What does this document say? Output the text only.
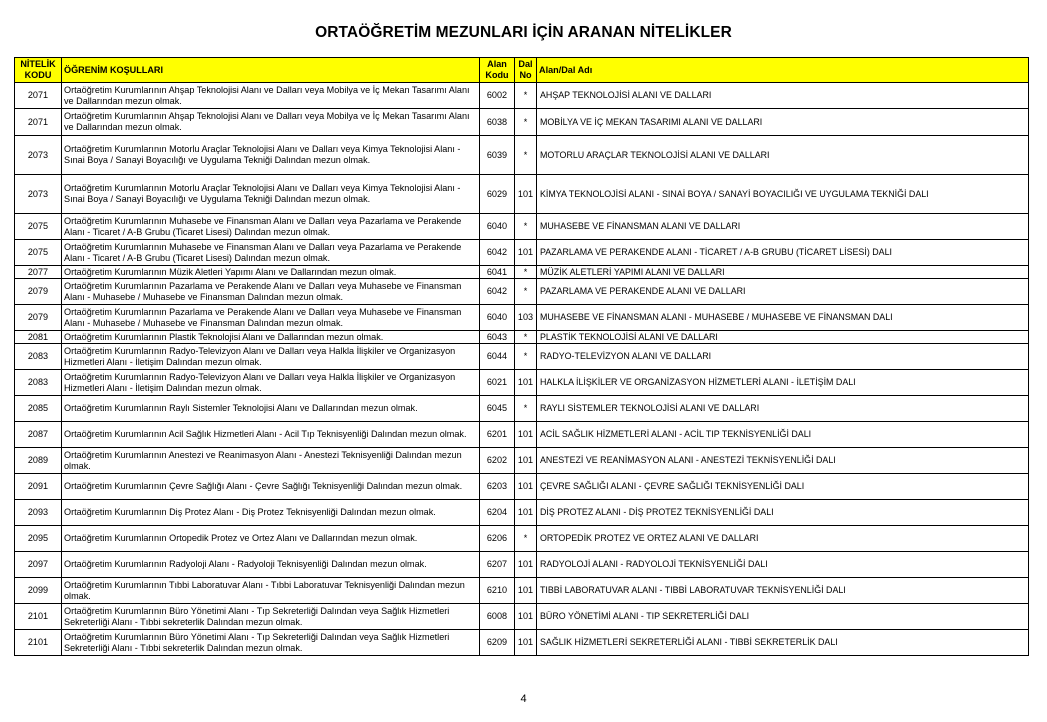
ORTAÖĞRETİM MEZUNLARI İÇİN ARANAN NİTELİKLER
NİTELİK KODU	ÖĞRENİM KOŞULLARI	Alan Kodu	Dal No	Alan/Dal Adı
2071	Ortaöğretim Kurumlarının Ahşap Teknolojisi Alanı ve Dalları veya Mobilya ve İç Mekan Tasarımı Alanı ve Dallarından mezun olmak.	6002	*	AHŞAP TEKNOLOJİSİ ALANI VE DALLARI
2071	Ortaöğretim Kurumlarının Ahşap Teknolojisi Alanı ve Dalları veya Mobilya ve İç Mekan Tasarımı Alanı ve Dallarından mezun olmak.	6038	*	MOBİLYA VE İÇ MEKAN TASARIMI ALANI VE DALLARI
2073	Ortaöğretim Kurumlarının Motorlu Araçlar Teknolojisi Alanı ve Dalları veya Kimya Teknolojisi Alanı - Sınai Boya / Sanayi Boyacılığı ve Uygulama Tekniği Dalından mezun olmak.	6039	*	MOTORLU ARAÇLAR TEKNOLOJİSİ ALANI VE DALLARI
2073	Ortaöğretim Kurumlarının Motorlu Araçlar Teknolojisi Alanı ve Dalları veya Kimya Teknolojisi Alanı - Sınai Boya / Sanayi Boyacılığı ve Uygulama Tekniği Dalından mezun olmak.	6029	101	KİMYA TEKNOLOJİSİ ALANI - SINAİ BOYA / SANAYİ BOYACILIĞI VE UYGULAMA TEKNİĞİ DALI
2075	Ortaöğretim Kurumlarının Muhasebe ve Finansman Alanı ve Dalları veya Pazarlama ve Perakende Alanı - Ticaret / A-B Grubu (Ticaret Lisesi) Dalından mezun olmak.	6040	*	MUHASEBE VE FİNANSMAN ALANI VE DALLARI
2075	Ortaöğretim Kurumlarının Muhasebe ve Finansman Alanı ve Dalları veya Pazarlama ve Perakende Alanı - Ticaret / A-B Grubu (Ticaret Lisesi) Dalından mezun olmak.	6042	101	PAZARLAMA VE PERAKENDE ALANI - TİCARET / A-B GRUBU (TİCARET LİSESİ) DALI
2077	Ortaöğretim Kurumlarının Müzik Aletleri Yapımı Alanı ve Dallarından mezun olmak.	6041	*	MÜZİK ALETLERİ YAPIMI ALANI VE DALLARI
2079	Ortaöğretim Kurumlarının Pazarlama ve Perakende Alanı ve Dalları veya Muhasebe ve Finansman Alanı - Muhasebe / Muhasebe ve Finansman Dalından mezun olmak.	6042	*	PAZARLAMA VE PERAKENDE ALANI VE DALLARI
2079	Ortaöğretim Kurumlarının Pazarlama ve Perakende Alanı ve Dalları veya Muhasebe ve Finansman Alanı - Muhasebe / Muhasebe ve Finansman Dalından mezun olmak.	6040	103	MUHASEBE VE FİNANSMAN ALANI - MUHASEBE / MUHASEBE VE FİNANSMAN DALI
2081	Ortaöğretim Kurumlarının Plastik Teknolojisi Alanı ve Dallarından mezun olmak.	6043	*	PLASTİK TEKNOLOJİSİ ALANI VE DALLARI
2083	Ortaöğretim Kurumlarının Radyo-Televizyon Alanı ve Dalları veya Halkla İlişkiler ve Organizasyon Hizmetleri Alanı - İletişim Dalından mezun olmak.	6044	*	RADYO-TELEVİZYON ALANI VE DALLARI
2083	Ortaöğretim Kurumlarının Radyo-Televizyon Alanı ve Dalları veya Halkla İlişkiler ve Organizasyon Hizmetleri Alanı - İletişim Dalından mezun olmak.	6021	101	HALKLA İLİŞKİLER VE ORGANİZASYON HİZMETLERİ ALANI - İLETİŞİM DALI
2085	Ortaöğretim Kurumlarının Raylı Sistemler Teknolojisi Alanı ve Dallarından mezun olmak.	6045	*	RAYLI SİSTEMLER TEKNOLOJİSİ ALANI VE DALLARI
2087	Ortaöğretim Kurumlarının Acil Sağlık Hizmetleri Alanı - Acil Tıp Teknisyenliği Dalından mezun olmak.	6201	101	ACİL SAĞLIK HİZMETLERİ ALANI - ACİL TIP TEKNİSYENLİĞİ DALI
2089	Ortaöğretim Kurumlarının Anestezi ve Reanimasyon Alanı - Anestezi Teknisyenliği Dalından mezun olmak.	6202	101	ANESTEZİ VE REANİMASYON ALANI - ANESTEZİ TEKNİSYENLİĞİ DALI
2091	Ortaöğretim Kurumlarının Çevre Sağlığı Alanı - Çevre Sağlığı Teknisyenliği Dalından mezun olmak.	6203	101	ÇEVRE SAĞLIĞI ALANI - ÇEVRE SAĞLIĞI TEKNİSYENLİĞİ DALI
2093	Ortaöğretim Kurumlarının Diş Protez Alanı - Diş Protez Teknisyenliği Dalından mezun olmak.	6204	101	DİŞ PROTEZ ALANI - DİŞ PROTEZ TEKNİSYENLİĞİ DALI
2095	Ortaöğretim Kurumlarının Ortopedik Protez ve Ortez Alanı ve Dallarından mezun olmak.	6206	*	ORTOPEDİK PROTEZ VE ORTEZ ALANI VE DALLARI
2097	Ortaöğretim Kurumlarının Radyoloji Alanı - Radyoloji Teknisyenliği Dalından mezun olmak.	6207	101	RADYOLOJİ ALANI - RADYOLOJİ TEKNİSYENLİĞİ DALI
2099	Ortaöğretim Kurumlarının Tıbbi Laboratuvar Alanı - Tıbbi Laboratuvar Teknisyenliği Dalından mezun olmak.	6210	101	TIBBİ LABORATUVAR ALANI - TIBBİ LABORATUVAR TEKNİSYENLİĞİ DALI
2101	Ortaöğretim Kurumlarının Büro Yönetimi Alanı - Tıp Sekreterliği Dalından veya Sağlık Hizmetleri Sekreterliği Alanı - Tıbbi sekreterlik Dalından mezun olmak.	6008	101	BÜRO YÖNETİMİ ALANI - TIP SEKRETERLİĞİ DALI
2101	Ortaöğretim Kurumlarının Büro Yönetimi Alanı - Tıp Sekreterliği Dalından veya Sağlık Hizmetleri Sekreterliği Alanı - Tıbbi sekreterlik Dalından mezun olmak.	6209	101	SAĞLIK HİZMETLERİ SEKRETERLİĞİ ALANI - TIBBİ SEKRETERLİK DALI
4
